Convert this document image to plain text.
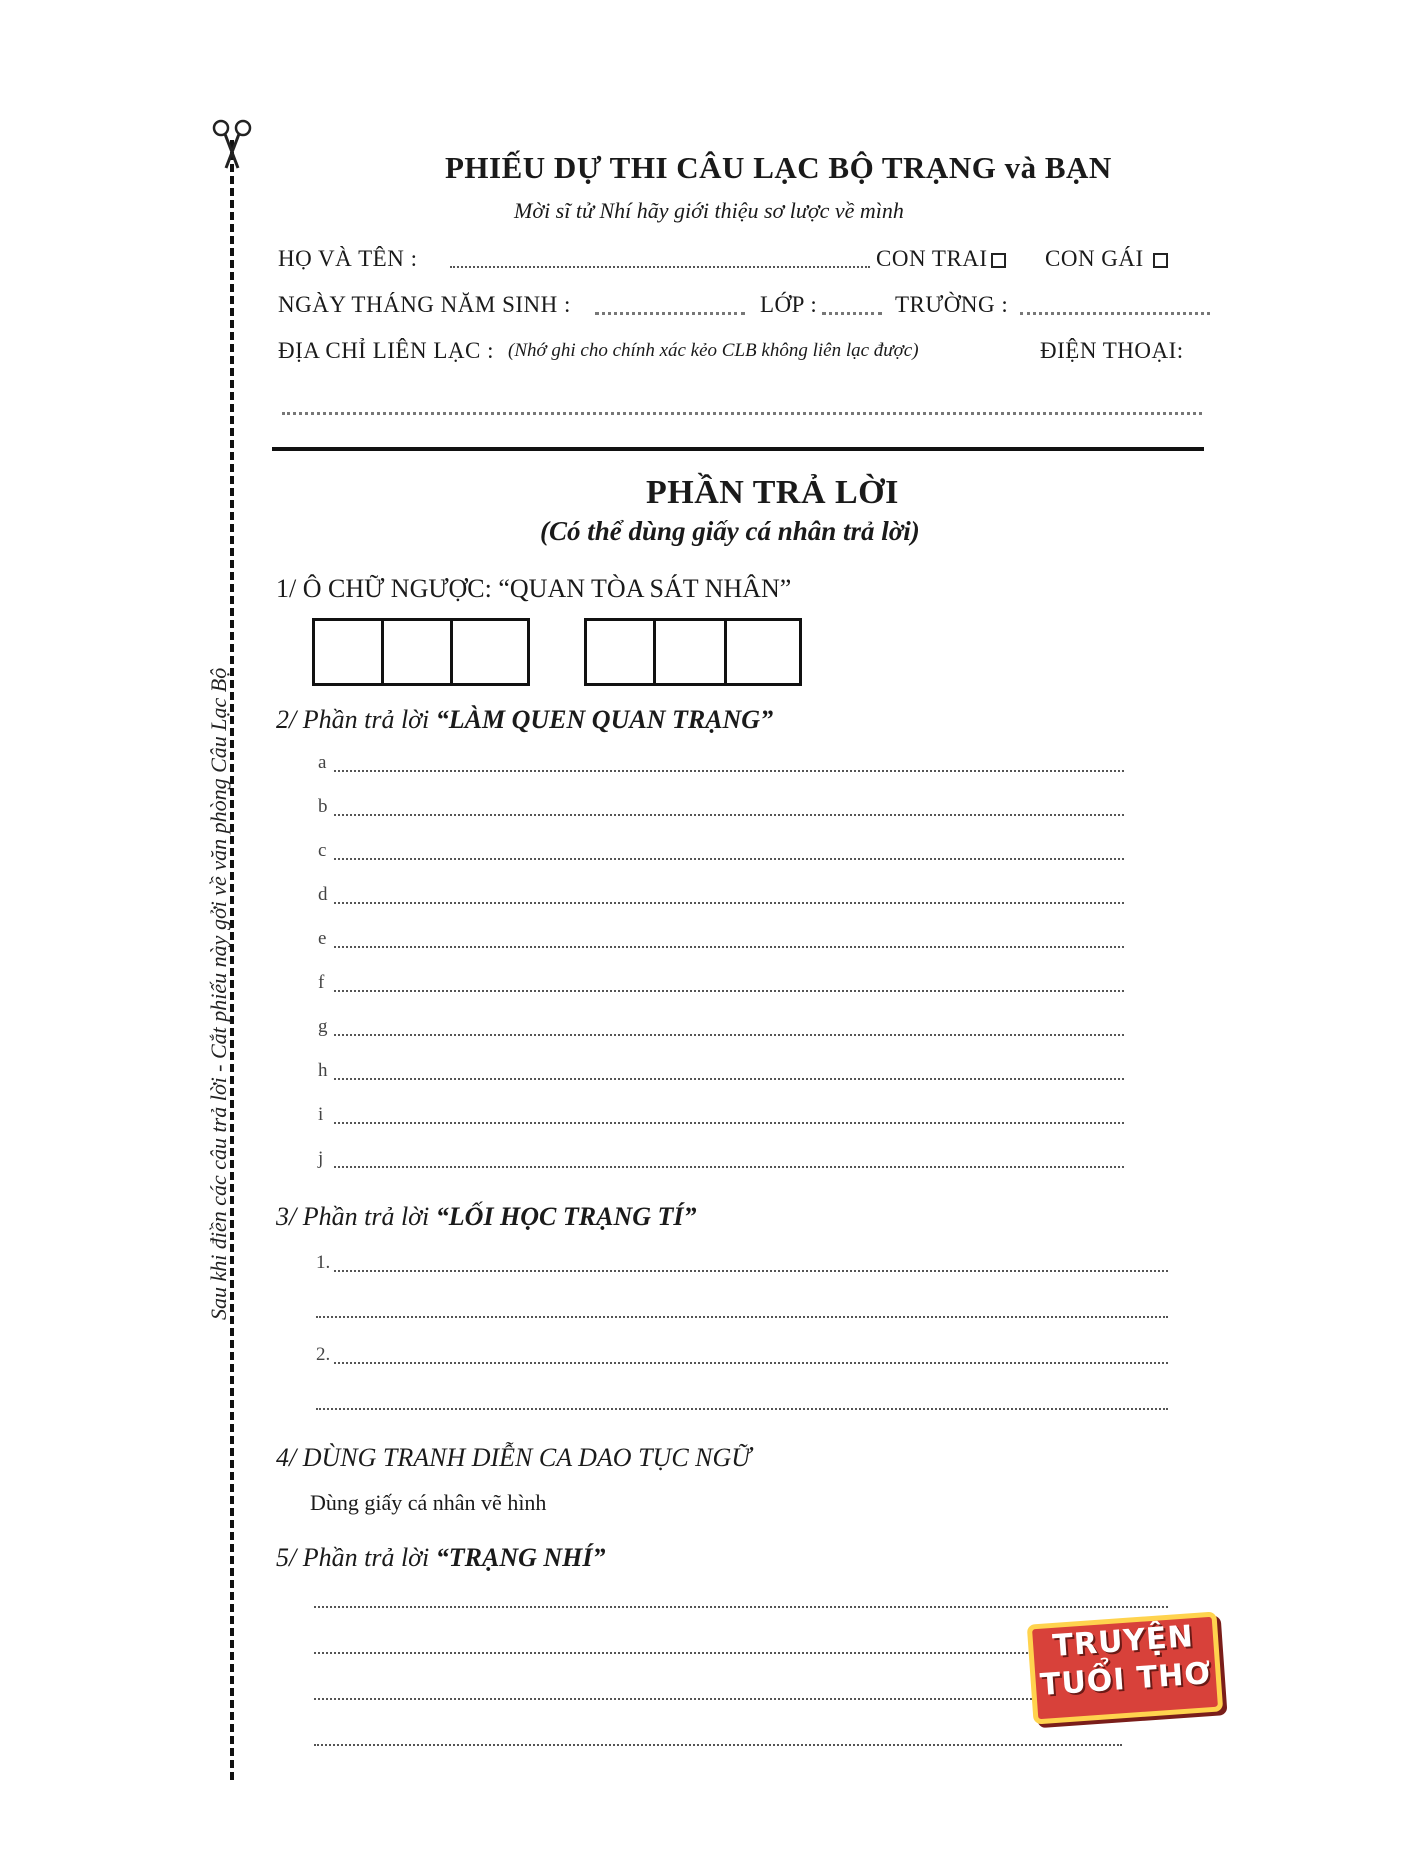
Sau khi điền các câu trả lời - Cắt phiếu này gởi về văn phòng Câu Lạc Bộ
PHIẾU DỰ THI CÂU LẠC BỘ TRẠNG và BẠN
Mời sĩ tử Nhí hãy giới thiệu sơ lược về mình
HỌ VÀ TÊN :	CON TRAI	CON GÁI
NGÀY THÁNG NĂM SINH :	LỚP :	TRƯỜNG :
ĐỊA CHỈ LIÊN LẠC : (Nhớ ghi cho chính xác kẻo CLB không liên lạc được)	ĐIỆN THOẠI:
PHẦN TRẢ LỜI
(Có thể dùng giấy cá nhân trả lời)
1/ Ô CHỮ NGƯỢC: “QUAN TÒA SÁT NHÂN”
2/ Phần trả lời “LÀM QUEN QUAN TRẠNG”
a
b
c
d
e
f
g
h
i
j
3/ Phần trả lời “LỐI HỌC TRẠNG TÍ”
1.
2.
4/ DÙNG TRANH DIỄN CA DAO TỤC NGỮ
Dùng giấy cá nhân vẽ hình
5/ Phần trả lời “TRẠNG NHÍ”
TRUYỆN
TUỔI THƠ
